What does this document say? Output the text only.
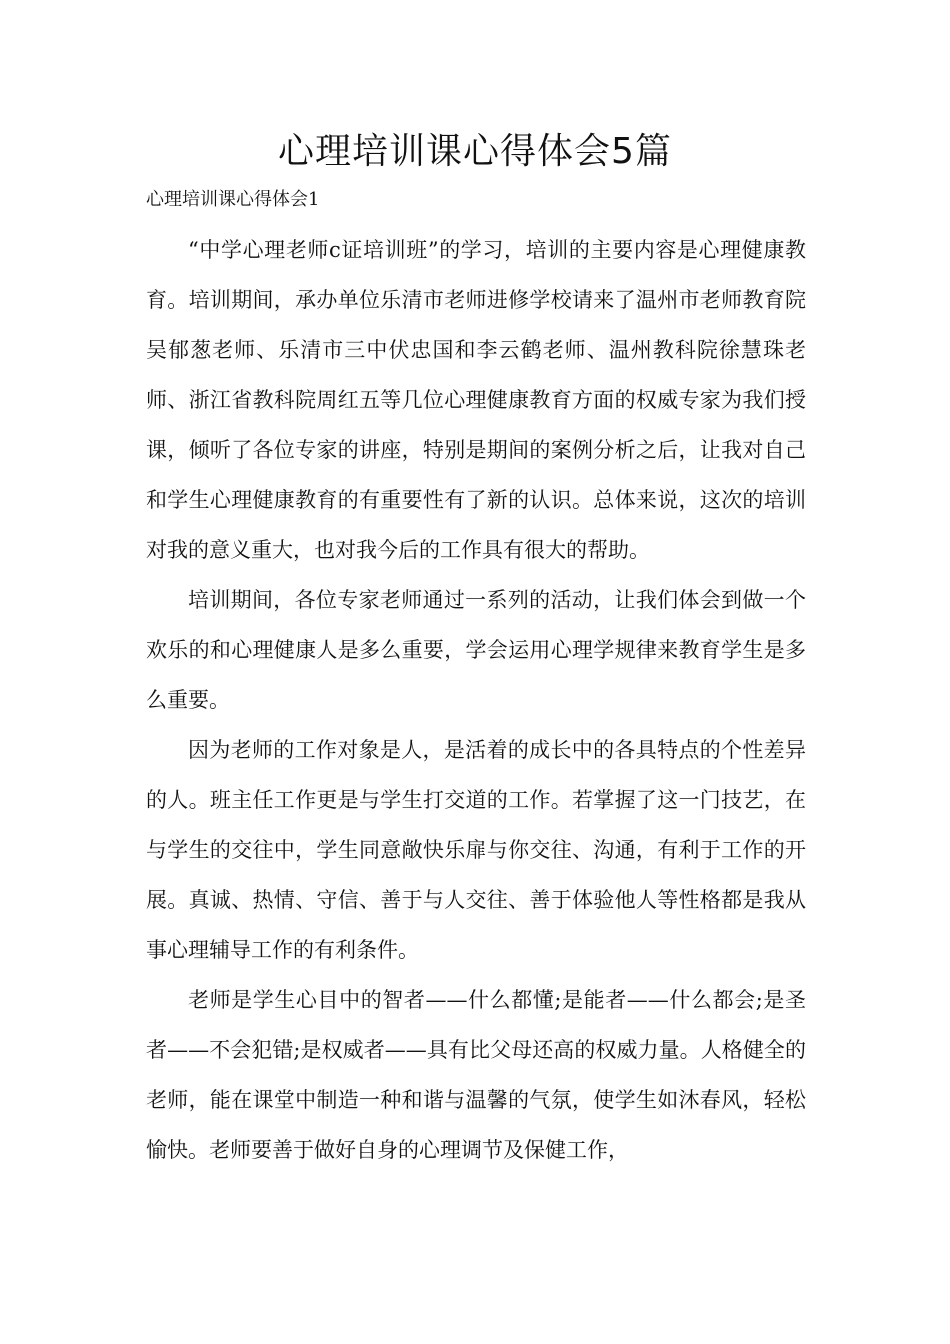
心理培训课心得体会5篇
心理培训课心得体会1

“中学心理老师c证培训班”的学习，培训的主要内容是心理健康教育。培训期间，承办单位乐清市老师进修学校请来了温州市老师教育院吴郁葱老师、乐清市三中伏忠国和李云鹤老师、温州教科院徐慧珠老师、浙江省教科院周红五等几位心理健康教育方面的权威专家为我们授课，倾听了各位专家的讲座，特别是期间的案例分析之后，让我对自己和学生心理健康教育的有重要性有了新的认识。总体来说，这次的培训对我的意义重大，也对我今后的工作具有很大的帮助。

培训期间，各位专家老师通过一系列的活动，让我们体会到做一个欢乐的和心理健康人是多么重要，学会运用心理学规律来教育学生是多么重要。

因为老师的工作对象是人，是活着的成长中的各具特点的个性差异的人。班主任工作更是与学生打交道的工作。若掌握了这一门技艺，在与学生的交往中，学生同意敞快乐扉与你交往、沟通，有利于工作的开展。真诚、热情、守信、善于与人交往、善于体验他人等性格都是我从事心理辅导工作的有利条件。

老师是学生心目中的智者——什么都懂;是能者——什么都会;是圣者——不会犯错;是权威者——具有比父母还高的权威力量。人格健全的老师，能在课堂中制造一种和谐与温馨的气氛，使学生如沐春风，轻松愉快。老师要善于做好自身的心理调节及保健工作，
